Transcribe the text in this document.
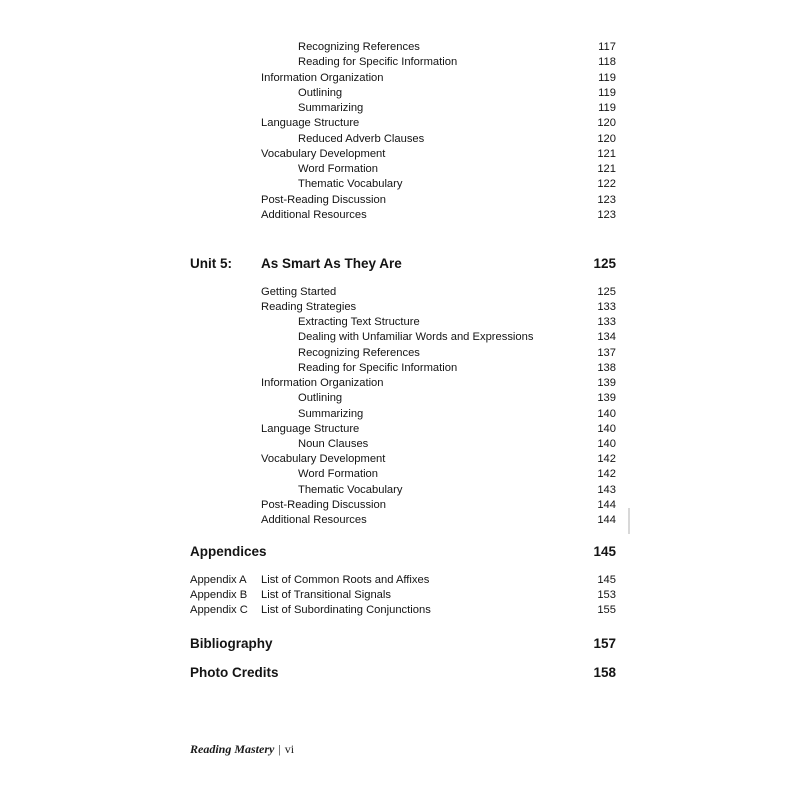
Recognizing References	117
Reading for Specific Information	118
Information Organization	119
Outlining	119
Summarizing	119
Language Structure	120
Reduced Adverb Clauses	120
Vocabulary Development	121
Word Formation	121
Thematic Vocabulary	122
Post-Reading Discussion	123
Additional Resources	123
Unit 5: As Smart As They Are	125
Getting Started	125
Reading Strategies	133
Extracting Text Structure	133
Dealing with Unfamiliar Words and Expressions	134
Recognizing References	137
Reading for Specific Information	138
Information Organization	139
Outlining	139
Summarizing	140
Language Structure	140
Noun Clauses	140
Vocabulary Development	142
Word Formation	142
Thematic Vocabulary	143
Post-Reading Discussion	144
Additional Resources	144
Appendices	145
Appendix A List of Common Roots and Affixes	145
Appendix B List of Transitional Signals	153
Appendix C List of Subordinating Conjunctions	155
Bibliography	157
Photo Credits	158
Reading Mastery | vi
